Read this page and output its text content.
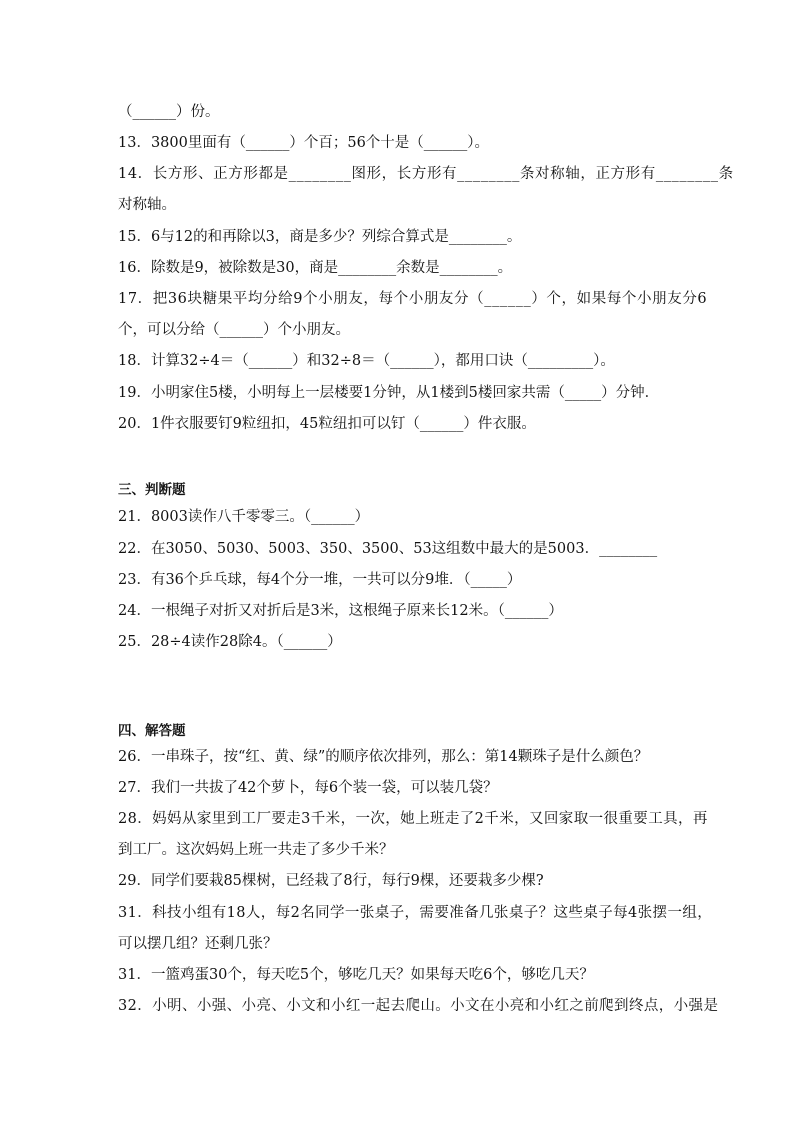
（______）份。
13．3800里面有（______）个百；56个十是（______）。
14．长方形、正方形都是________图形，长方形有________条对称轴，正方形有________条
对称轴。
15．6与12的和再除以3，商是多少？列综合算式是________。
16．除数是9，被除数是30，商是________余数是________。
17．把36块糖果平均分给9个小朋友，每个小朋友分（______）个，如果每个小朋友分6
个，可以分给（______）个小朋友。
18．计算32÷4＝（______）和32÷8＝（______），都用口诀（_________）。
19．小明家住5楼，小明每上一层楼要1分钟，从1楼到5楼回家共需（_____）分钟．
20．1件衣服要钉9粒纽扣，45粒纽扣可以钉（______）件衣服。
三、判断题
21．8003读作八千零零三。（______）
22．在3050、5030、5003、350、3500、53这组数中最大的是5003．________
23．有36个乒乓球，每4个分一堆，一共可以分9堆．（_____）
24．一根绳子对折又对折后是3米，这根绳子原来长12米。（______）
25．28÷4读作28除4。（______）
四、解答题
26．一串珠子，按“红、黄、绿”的顺序依次排列，那么：第14颗珠子是什么颜色？
27．我们一共拔了42个萝卜，每6个装一袋，可以装几袋？
28．妈妈从家里到工厂要走3千米，一次，她上班走了2千米，又回家取一很重要工具，再
到工厂。这次妈妈上班一共走了多少千米？
29．同学们要栽85棵树，已经栽了8行，每行9棵，还要栽多少棵?
31．科技小组有18人，每2名同学一张桌子，需要准备几张桌子？这些桌子每4张摆一组，
可以摆几组？还剩几张？
31．一篮鸡蛋30个，每天吃5个，够吃几天？如果每天吃6个，够吃几天？
32．小明、小强、小亮、小文和小红一起去爬山。小文在小亮和小红之前爬到终点，小强是
